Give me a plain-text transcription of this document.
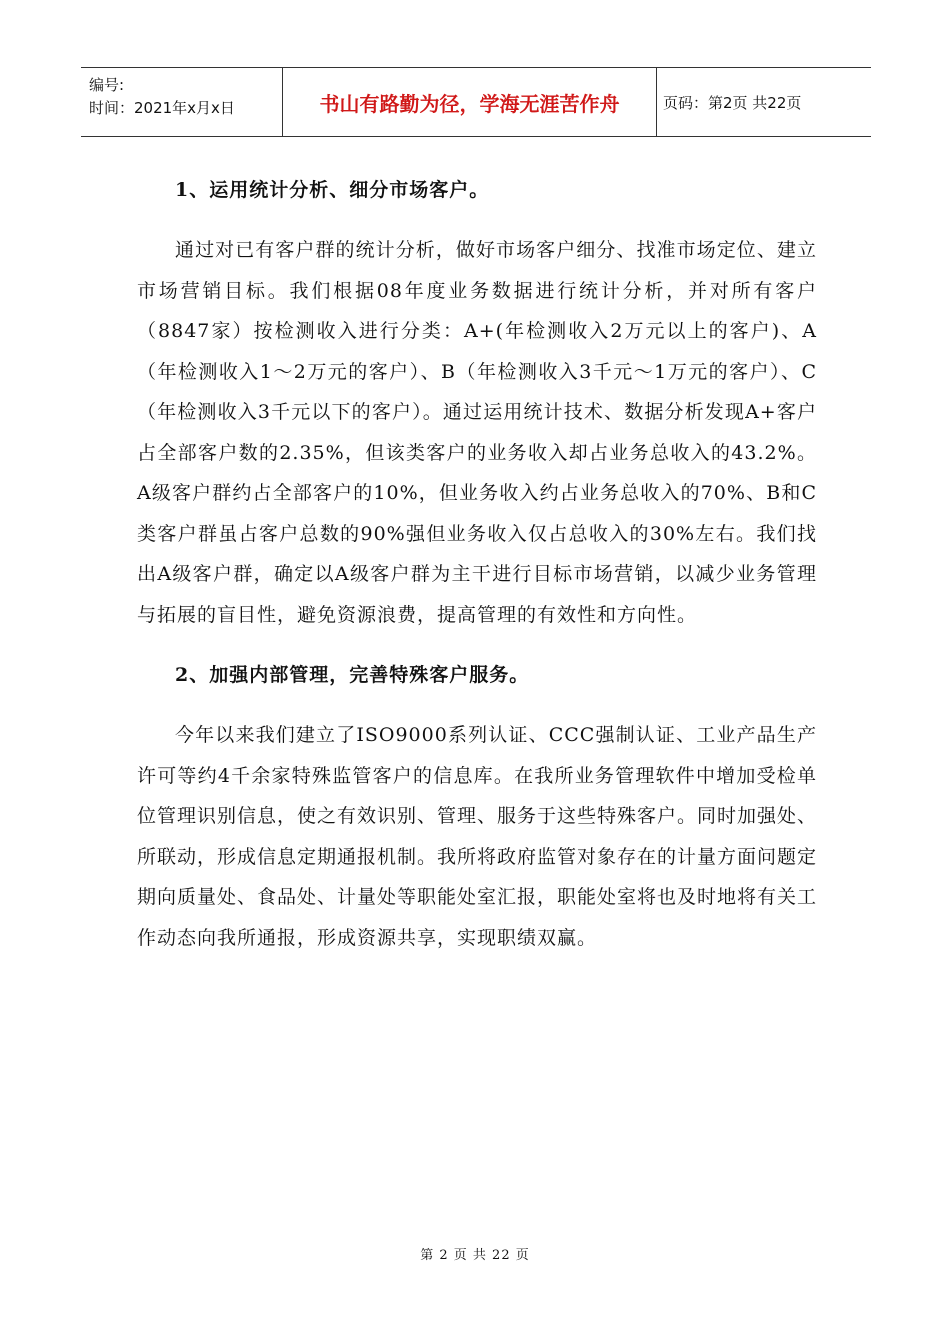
编号:
时间：2021年x月x日	书山有路勤为径，学海无涯苦作舟	页码：第2页 共22页

1、运用统计分析、细分市场客户。

通过对已有客户群的统计分析，做好市场客户细分、找准市场定位、建立市场营销目标。我们根据08年度业务数据进行统计分析，并对所有客户（8847家）按检测收入进行分类：A+(年检测收入2万元以上的客户)、A（年检测收入1～2万元的客户）、B（年检测收入3千元～1万元的客户）、C（年检测收入3千元以下的客户）。通过运用统计技术、数据分析发现A+客户占全部客户数的2.35%，但该类客户的业务收入却占业务总收入的43.2%。A级客户群约占全部客户的10%，但业务收入约占业务总收入的70%、B和C类客户群虽占客户总数的90%强但业务收入仅占总收入的30%左右。我们找出A级客户群，确定以A级客户群为主干进行目标市场营销，以减少业务管理与拓展的盲目性，避免资源浪费，提高管理的有效性和方向性。

2、加强内部管理，完善特殊客户服务。

今年以来我们建立了ISO9000系列认证、CCC强制认证、工业产品生产许可等约4千余家特殊监管客户的信息库。在我所业务管理软件中增加受检单位管理识别信息，使之有效识别、管理、服务于这些特殊客户。同时加强处、所联动，形成信息定期通报机制。我所将政府监管对象存在的计量方面问题定期向质量处、食品处、计量处等职能处室汇报，职能处室将也及时地将有关工作动态向我所通报，形成资源共享，实现职绩双赢。

第 2 页 共 22 页
